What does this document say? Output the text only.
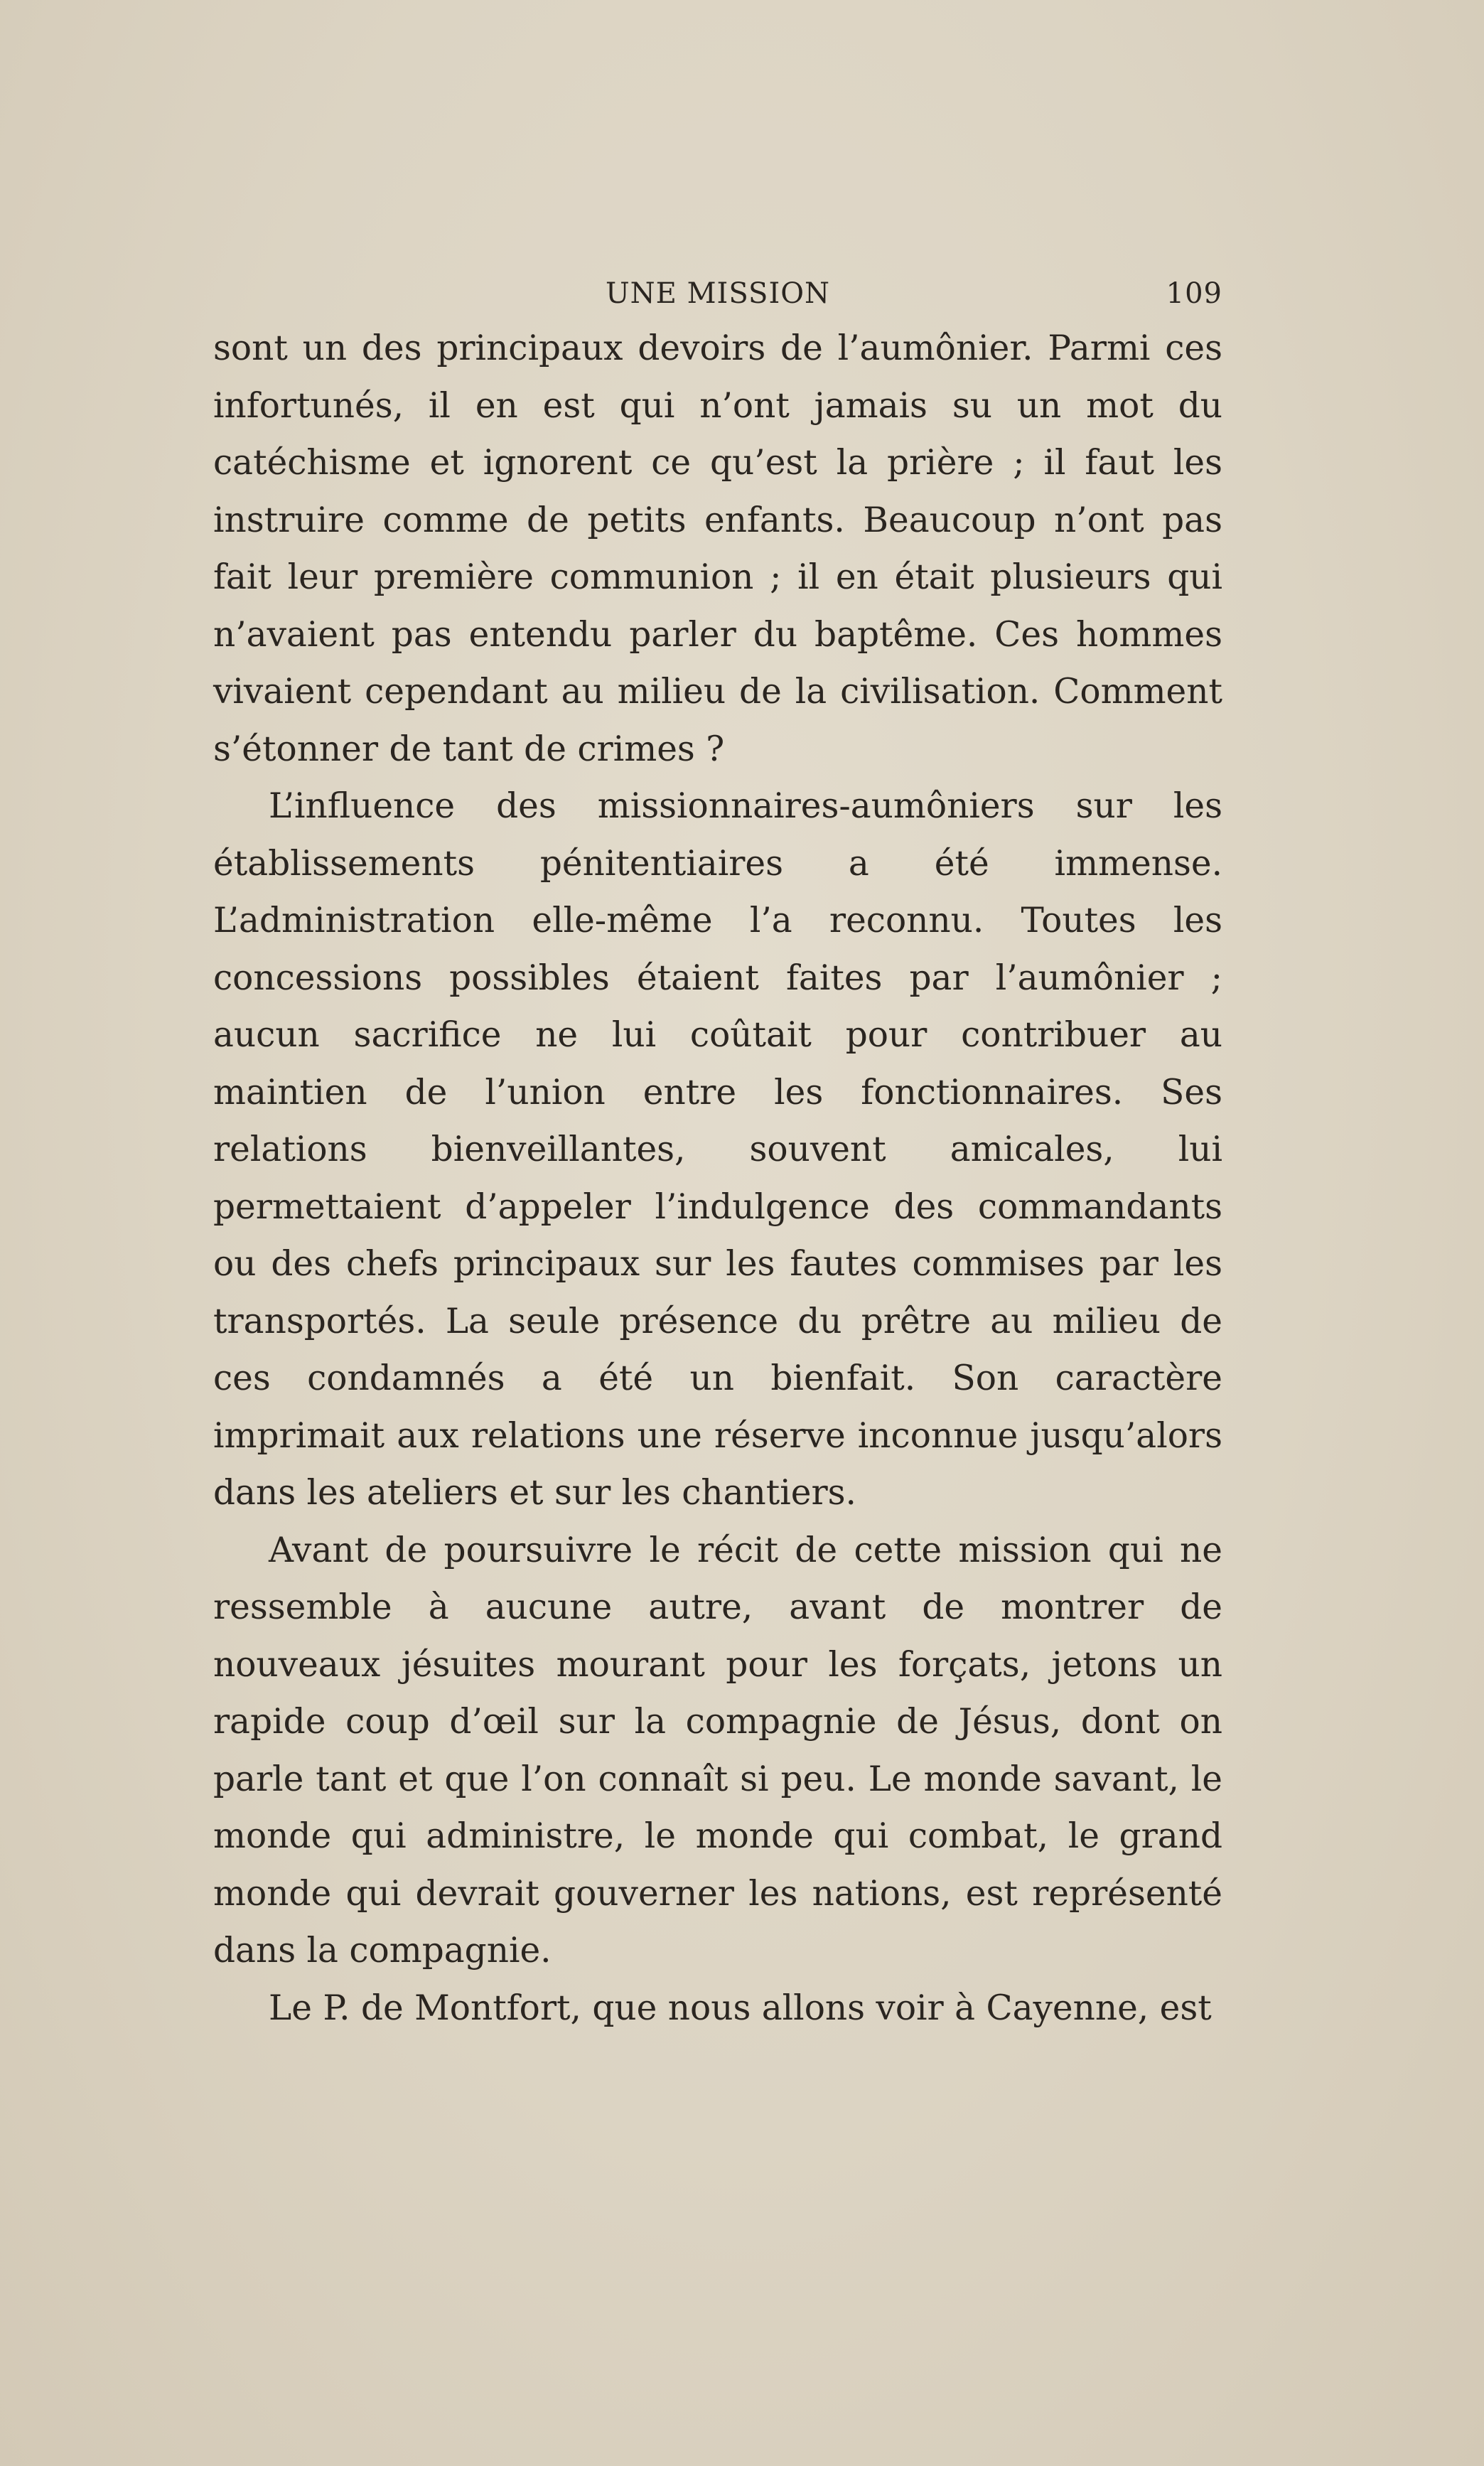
UNE MISSION	109

sont un des principaux devoirs de l’aumônier. Parmi ces infortunés, il en est qui n’ont jamais su un mot du catéchisme et ignorent ce qu’est la prière ; il faut les instruire comme de petits enfants. Beaucoup n’ont pas fait leur première communion ; il en était plusieurs qui n’avaient pas entendu parler du baptême. Ces hommes vivaient cependant au milieu de la civilisation. Comment s’étonner de tant de crimes ?

L’influence des missionnaires-aumôniers sur les établissements pénitentiaires a été immense. L’administration elle-même l’a reconnu. Toutes les concessions possibles étaient faites par l’aumônier ; aucun sacrifice ne lui coûtait pour contribuer au maintien de l’union entre les fonctionnaires. Ses relations bienveillantes, souvent amicales, lui permettaient d’appeler l’indulgence des commandants ou des chefs principaux sur les fautes commises par les transportés. La seule présence du prêtre au milieu de ces condamnés a été un bienfait. Son caractère imprimait aux relations une réserve inconnue jusqu’alors dans les ateliers et sur les chantiers.

Avant de poursuivre le récit de cette mission qui ne ressemble à aucune autre, avant de montrer de nouveaux jésuites mourant pour les forçats, jetons un rapide coup d’œil sur la compagnie de Jésus, dont on parle tant et que l’on connaît si peu. Le monde savant, le monde qui administre, le monde qui combat, le grand monde qui devrait gouverner les nations, est représenté dans la compagnie.

Le P. de Montfort, que nous allons voir à Cayenne, est
